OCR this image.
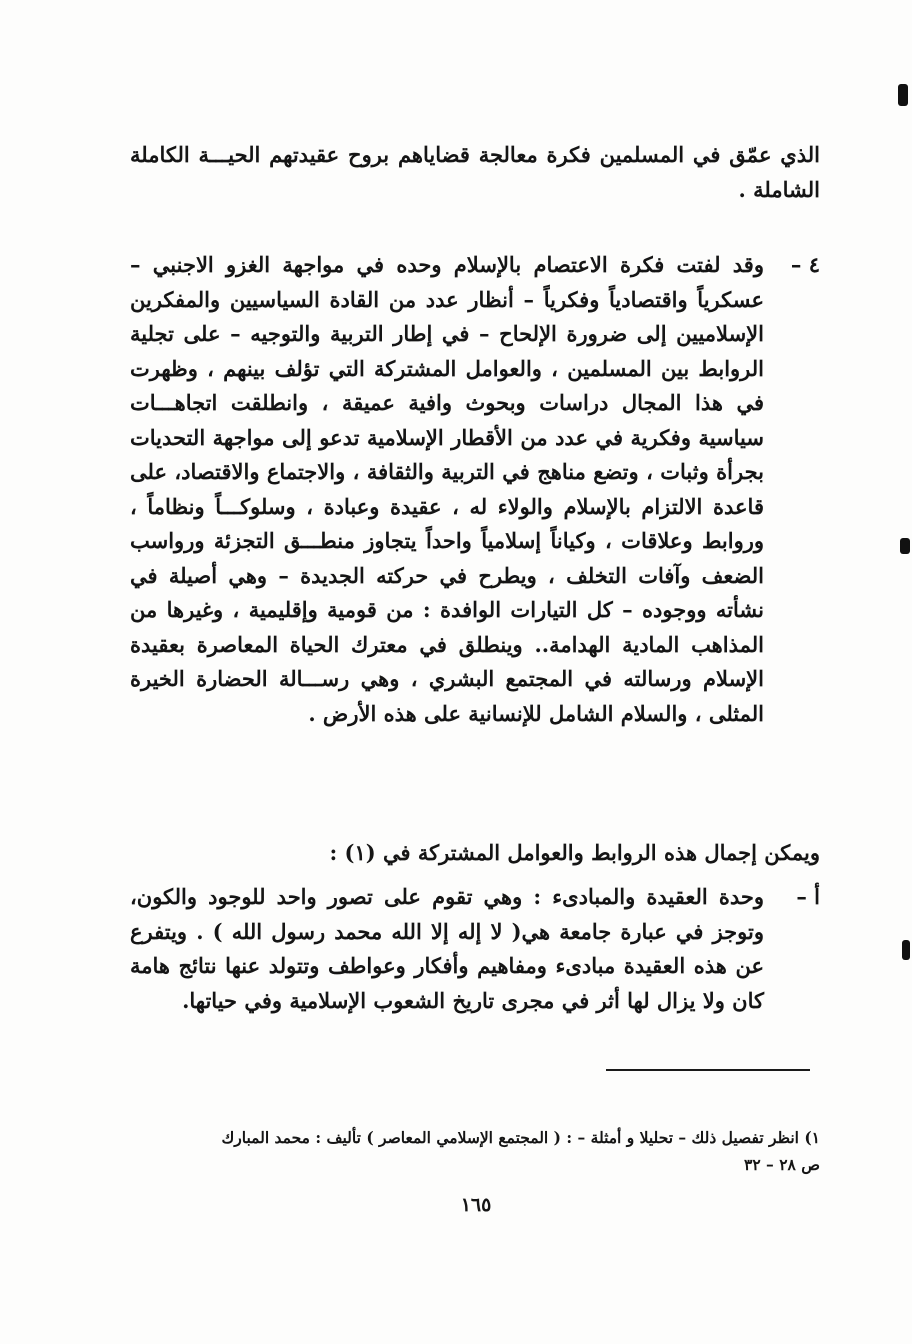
الذي عمّق في المسلمين فكرة معالجة قضاياهم بروح عقيدتهم الحيـــة الكاملة الشاملة .

٤ –
وقد لفتت فكرة الاعتصام بالإسلام وحده في مواجهة الغزو الاجنبي – عسكرياً واقتصادياً وفكرياً – أنظار عدد من القادة السياسيين والمفكرين الإسلاميين إلى ضرورة الإلحاح – في إطار التربية والتوجيه – على تجلية الروابط بين المسلمين ، والعوامل المشتركة التي تؤلف بينهم ، وظهرت في هذا المجال دراسات وبحوث وافية عميقة ، وانطلقت اتجاهـــات سياسية وفكرية في عدد من الأقطار الإسلامية تدعو إلى مواجهة التحديات بجرأة وثبات ، وتضع مناهج في التربية والثقافة ، والاجتماع والاقتصاد، على قاعدة الالتزام بالإسلام والولاء له ، عقيدة وعبادة ، وسلوكـــاً ونظاماً ، وروابط وعلاقات ، وكياناً إسلامياً واحداً يتجاوز منطـــق التجزئة ورواسب الضعف وآفات التخلف ، ويطرح في حركته الجديدة – وهي أصيلة في نشأته ووجوده – كل التيارات الوافدة : من قومية وإقليمية ، وغيرها من المذاهب المادية الهدامة.. وينطلق في معترك الحياة المعاصرة بعقيدة الإسلام ورسالته في المجتمع البشري ، وهي رســـالة الحضارة الخيرة المثلى ، والسلام الشامل للإنسانية على هذه الأرض .

ويمكن إجمال هذه الروابط والعوامل المشتركة في (١) :

أ –
وحدة العقيدة والمبادىء : وهي تقوم على تصور واحد للوجود والكون، وتوجز في عبارة جامعة هي( لا إله إلا الله محمد رسول الله ) . ويتفرع عن هذه العقيدة مبادىء ومفاهيم وأفكار وعواطف وتتولد عنها نتائج هامة كان ولا يزال لها أثر في مجرى تاريخ الشعوب الإسلامية وفي حياتها.
١) انظر تفصيل ذلك – تحليلا و أمثلة – : ( المجتمع الإسلامي المعاصر ) تأليف : محمد المبارك
ص ٢٨ – ٣٢
١٦٥
